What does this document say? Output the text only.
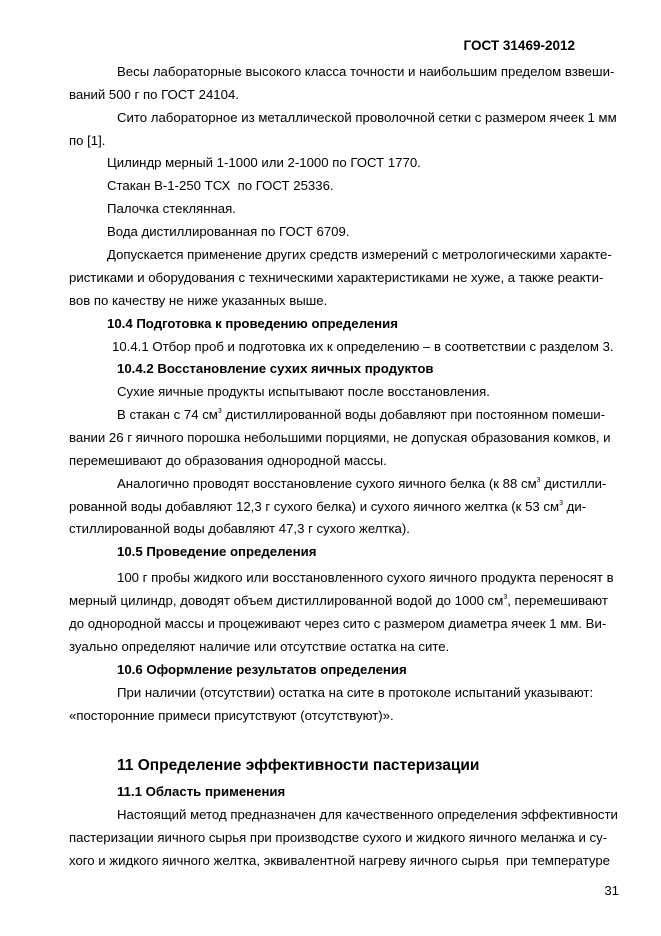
ГОСТ 31469-2012
Весы лабораторные высокого класса точности и наибольшим пределом взвеши-
ваний 500 г по ГОСТ 24104.
Сито лабораторное из металлической проволочной сетки с размером ячеек 1 мм
по [1].
Цилиндр мерный 1-1000 или 2-1000 по ГОСТ 1770.
Стакан В-1-250 ТСХ  по ГОСТ 25336.
Палочка стеклянная.
Вода дистиллированная по ГОСТ 6709.
Допускается применение других средств измерений с метрологическими характе-
ристиками и оборудования с техническими характеристиками не хуже, а также реакти-
вов по качеству не ниже указанных выше.
10.4 Подготовка к проведению определения
10.4.1 Отбор проб и подготовка их к определению – в соответствии с разделом 3.
10.4.2 Восстановление сухих яичных продуктов
Сухие яичные продукты испытывают после восстановления.
В стакан с 74 $см^3$ дистиллированной воды добавляют при постоянном помеши-
вании 26 г яичного порошка небольшими порциями, не допуская образования комков, и
перемешивают до образования однородной массы.
Аналогично проводят восстановление сухого яичного белка (к 88 $см^3$ дистилли-
рованной воды добавляют 12,3 г сухого белка) и сухого яичного желтка (к 53 $см^3$ ди-
стиллированной воды добавляют 47,3 г сухого желтка).
10.5 Проведение определения
100 г пробы жидкого или восстановленного сухого яичного продукта переносят в
мерный цилиндр, доводят объем дистиллированной водой до 1000 $см^3$, перемешивают
до однородной массы и процеживают через сито с размером диаметра ячеек 1 мм. Ви-
зуально определяют наличие или отсутствие остатка на сите.
10.6 Оформление результатов определения
При наличии (отсутствии) остатка на сите в протоколе испытаний указывают:
«посторонние примеси присутствуют (отсутствуют)».
11 Определение эффективности пастеризации
11.1 Область применения
Настоящий метод предназначен для качественного определения эффективности
пастеризации яичного сырья при производстве сухого и жидкого яичного меланжа и су-
хого и жидкого яичного желтка, эквивалентной нагреву яичного сырья  при температуре
31
